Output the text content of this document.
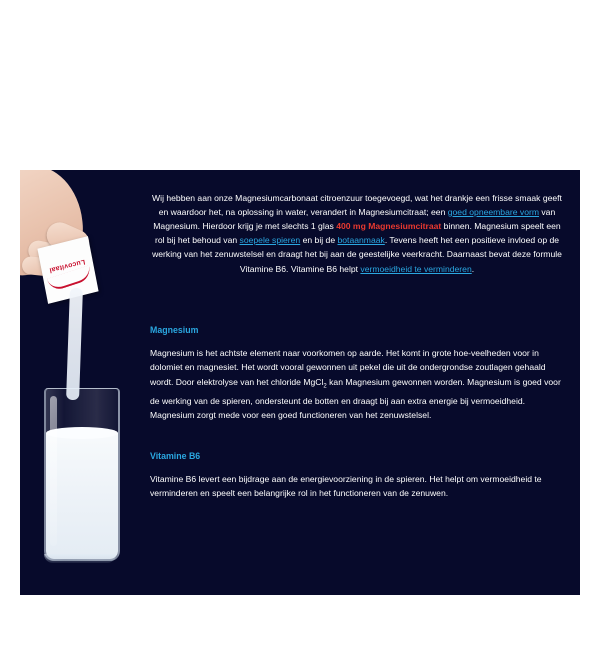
Lucovitaal

Wij hebben aan onze Magnesiumcarbonaat citroenzuur toegevoegd, wat het drankje een frisse smaak geeft en waardoor het, na oplossing in water, verandert in Magnesiumcitraat; een goed opneembare vorm van Magnesium. Hierdoor krijg je met slechts 1 glas 400 mg Magnesiumcitraat binnen. Magnesium speelt een rol bij het behoud van soepele spieren en bij de botaanmaak. Tevens heeft het een positieve invloed op de werking van het zenuwstelsel en draagt het bij aan de geestelijke veerkracht. Daarnaast bevat deze formule Vitamine B6. Vitamine B6 helpt vermoeidheid te verminderen.

Magnesium

Magnesium is het achtste element naar voorkomen op aarde. Het komt in grote hoe-veelheden voor in dolomiet en magnesiet. Het wordt vooral gewonnen uit pekel die uit de ondergrondse zoutlagen gehaald wordt. Door elektrolyse van het chloride MgCl$_2$ kan Magnesium gewonnen worden. Magnesium is goed voor de werking van de spieren, ondersteunt de botten en draagt bij aan extra energie bij vermoeidheid. Magnesium zorgt mede voor een goed functioneren van het zenuwstelsel.

Vitamine B6

Vitamine B6 levert een bijdrage aan de energievoorziening in de spieren. Het helpt om vermoeidheid te verminderen en speelt een belangrijke rol in het functioneren van de zenuwen.
